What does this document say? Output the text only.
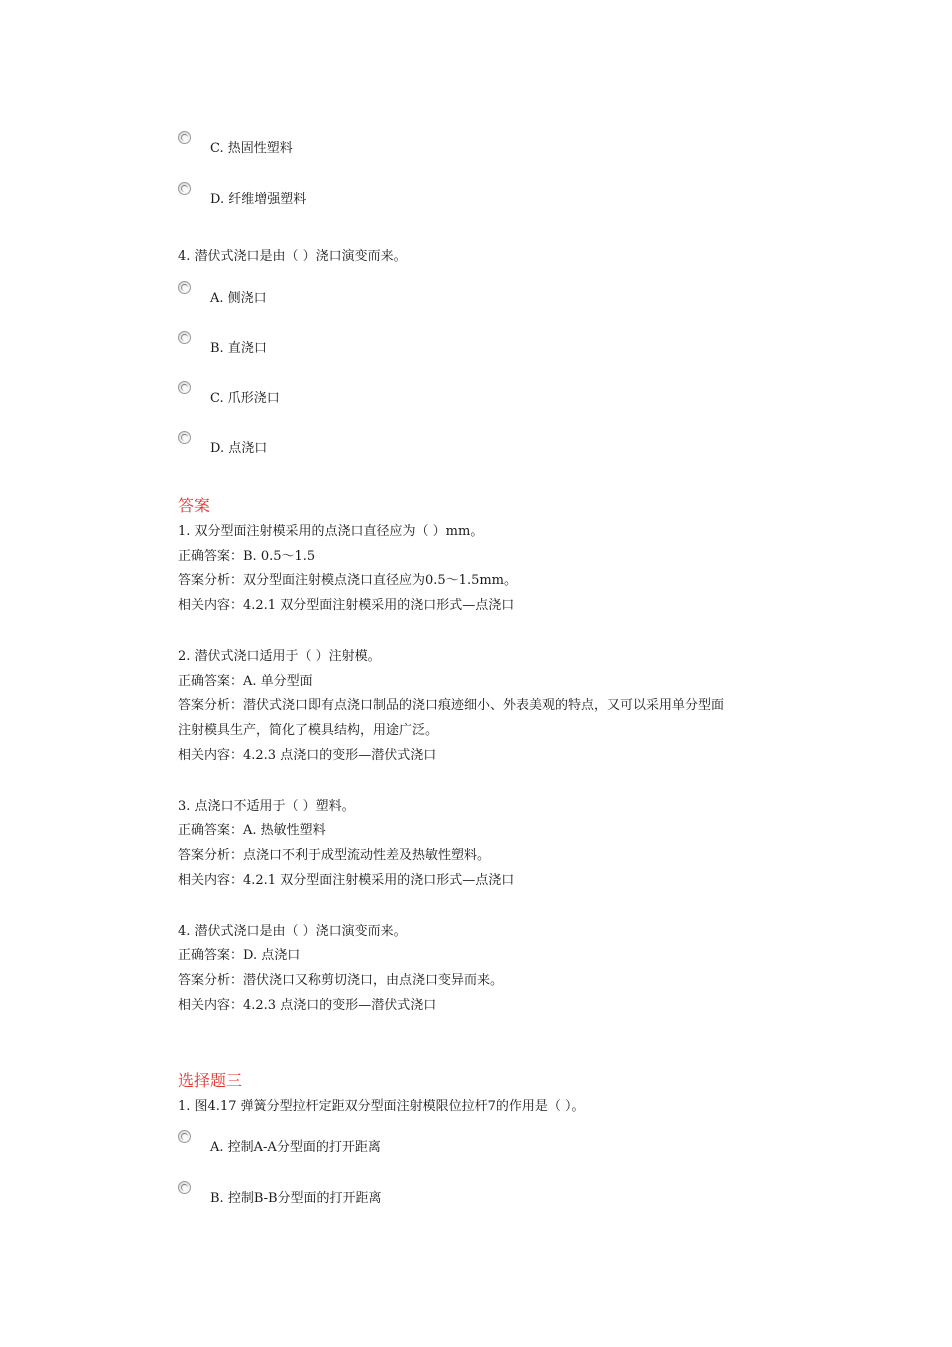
C. 热固性塑料
D. 纤维增强塑料
4. 潜伏式浇口是由（ ）浇口演变而来。
A. 侧浇口
B. 直浇口
C. 爪形浇口
D. 点浇口
答案
1. 双分型面注射模采用的点浇口直径应为（ ）mm。
正确答案：B. 0.5～1.5
答案分析：双分型面注射模点浇口直径应为0.5～1.5mm。
相关内容：4.2.1 双分型面注射模采用的浇口形式—点浇口
2. 潜伏式浇口适用于（ ）注射模。
正确答案：A. 单分型面
答案分析：潜伏式浇口即有点浇口制品的浇口痕迹细小、外表美观的特点，又可以采用单分型面
注射模具生产，简化了模具结构，用途广泛。
相关内容：4.2.3 点浇口的变形—潜伏式浇口
3. 点浇口不适用于（ ）塑料。
正确答案：A. 热敏性塑料
答案分析：点浇口不利于成型流动性差及热敏性塑料。
相关内容：4.2.1 双分型面注射模采用的浇口形式—点浇口
4. 潜伏式浇口是由（ ）浇口演变而来。
正确答案：D. 点浇口
答案分析：潜伏浇口又称剪切浇口，由点浇口变异而来。
相关内容：4.2.3 点浇口的变形—潜伏式浇口
选择题三
1. 图4.17 弹簧分型拉杆定距双分型面注射模限位拉杆7的作用是（ ）。
A. 控制A-A分型面的打开距离
B. 控制B-B分型面的打开距离
